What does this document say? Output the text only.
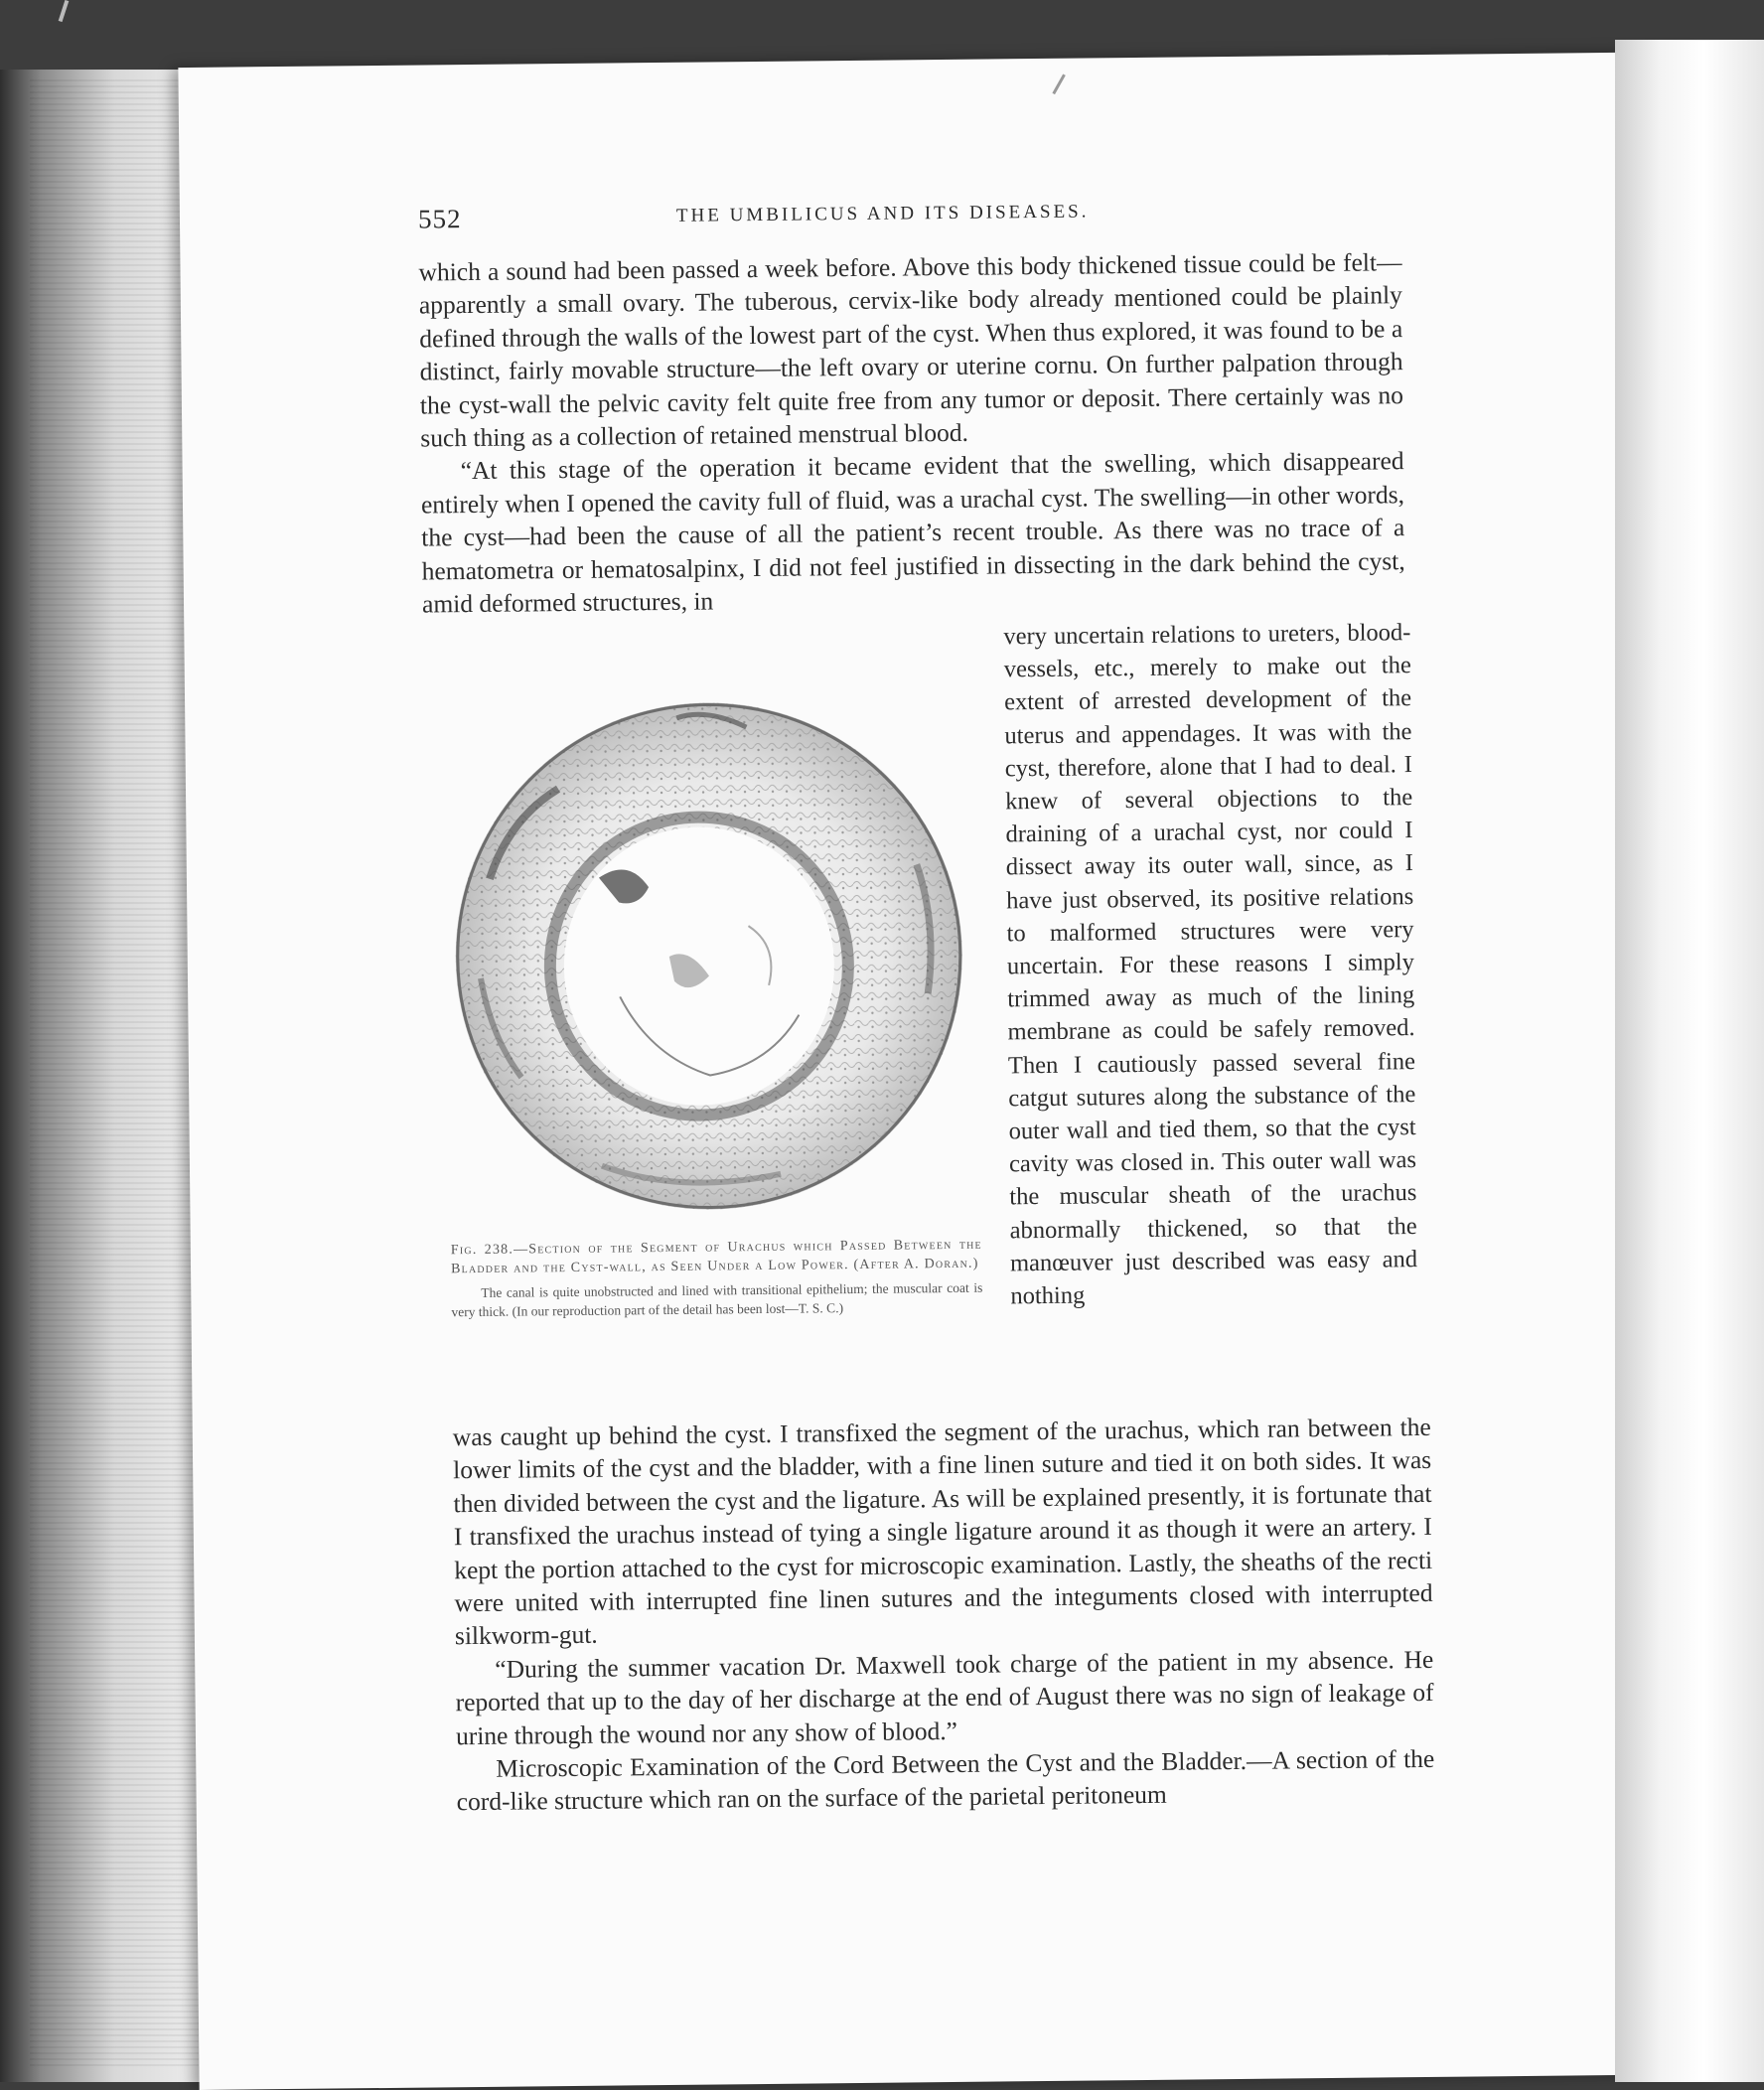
552	THE UMBILICUS AND ITS DISEASES.

which a sound had been passed a week before. Above this body thickened tissue could be felt—apparently a small ovary. The tuberous, cervix-like body already mentioned could be plainly defined through the walls of the lowest part of the cyst. When thus explored, it was found to be a distinct, fairly movable structure—the left ovary or uterine cornu. On further palpation through the cyst-wall the pelvic cavity felt quite free from any tumor or deposit. There certainly was no such thing as a collection of retained menstrual blood.

“At this stage of the operation it became evident that the swelling, which disappeared entirely when I opened the cavity full of fluid, was a urachal cyst. The swelling—in other words, the cyst—had been the cause of all the patient’s recent trouble. As there was no trace of a hematometra or hematosalpinx, I did not feel justified in dissecting in the dark behind the cyst, amid deformed structures, in

Fig. 238.—Section of the Segment of Urachus which Passed Between the Bladder and the Cyst-wall, as Seen Under a Low Power. (After A. Doran.)

The canal is quite unobstructed and lined with transitional epithelium; the muscular coat is very thick. (In our reproduction part of the detail has been lost—T. S. C.)

very uncertain relations to ureters, blood-vessels, etc., merely to make out the extent of arrested development of the uterus and appendages. It was with the cyst, therefore, alone that I had to deal. I knew of several objections to the draining of a urachal cyst, nor could I dissect away its outer wall, since, as I have just observed, its positive relations to malformed structures were very uncertain. For these reasons I simply trimmed away as much of the lining membrane as could be safely removed. Then I cautiously passed several fine catgut sutures along the substance of the outer wall and tied them, so that the cyst cavity was closed in. This outer wall was the muscular sheath of the urachus abnormally thickened, so that the manœuver just described was easy and nothing

was caught up behind the cyst. I transfixed the segment of the urachus, which ran between the lower limits of the cyst and the bladder, with a fine linen suture and tied it on both sides. It was then divided between the cyst and the ligature. As will be explained presently, it is fortunate that I transfixed the urachus instead of tying a single ligature around it as though it were an artery. I kept the portion attached to the cyst for microscopic examination. Lastly, the sheaths of the recti were united with interrupted fine linen sutures and the integuments closed with interrupted silkworm-gut.

“During the summer vacation Dr. Maxwell took charge of the patient in my absence. He reported that up to the day of her discharge at the end of August there was no sign of leakage of urine through the wound nor any show of blood.”

Microscopic Examination of the Cord Between the Cyst and the Bladder.—A section of the cord-like structure which ran on the surface of the parietal peritoneum
